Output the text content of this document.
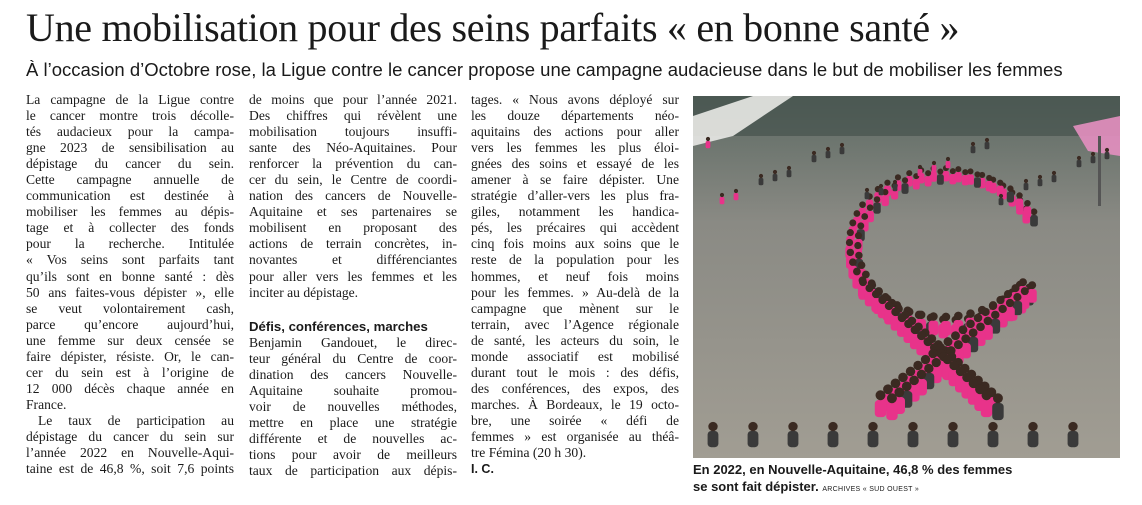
Une mobilisation pour des seins parfaits « en bonne santé »
À l’occasion d’Octobre rose, la Ligue contre le cancer propose une campagne audacieuse dans le but de mobiliser les femmes
La campagne de la Ligue contre
le cancer montre trois décolle-
tés audacieux pour la campa-
gne 2023 de sensibilisation au
dépistage du cancer du sein.
Cette campagne annuelle de
communication est destinée à
mobiliser les femmes au dépis-
tage et à collecter des fonds
pour la recherche. Intitulée
« Vos seins sont parfaits tant
qu’ils sont en bonne santé : dès
50 ans faites-vous dépister », elle
se veut volontairement cash,
parce qu’encore aujourd’hui,
une femme sur deux censée se
faire dépister, résiste. Or, le can-
cer du sein est à l’origine de
12 000 décès chaque année en
France.
Le taux de participation au
dépistage du cancer du sein sur
l’année 2022 en Nouvelle-Aqui-
taine est de 46,8 %, soit 7,6 points
de moins que pour l’année 2021.
Des chiffres qui révèlent une
mobilisation toujours insuffi-
sante des Néo-Aquitaines. Pour
renforcer la prévention du can-
cer du sein, le Centre de coordi-
nation des cancers de Nouvelle-
Aquitaine et ses partenaires se
mobilisent en proposant des
actions de terrain concrètes, in-
novantes et différenciantes
pour aller vers les femmes et les
inciter au dépistage.
Défis, conférences, marches
Benjamin Gandouet, le direc-
teur général du Centre de coor-
dination des cancers Nouvelle-
Aquitaine souhaite promou-
voir de nouvelles méthodes,
mettre en place une stratégie
différente et de nouvelles ac-
tions pour avoir de meilleurs
taux de participation aux dépis-
tages. « Nous avons déployé sur
les douze départements néo-
aquitains des actions pour aller
vers les femmes les plus éloi-
gnées des soins et essayé de les
amener à se faire dépister. Une
stratégie d’aller-vers les plus fra-
giles, notamment les handica-
pés, les précaires qui accèdent
cinq fois moins aux soins que le
reste de la population pour les
hommes, et neuf fois moins
pour les femmes. » Au-delà de la
campagne que mènent sur le
terrain, avec l’Agence régionale
de santé, les acteurs du soin, le
monde associatif est mobilisé
durant tout le mois : des défis,
des conférences, des expos, des
marches. À Bordeaux, le 19 octo-
bre, une soirée « défi de
femmes » est organisée au théâ-
tre Fémina (20 h 30).
I. C.	En 2022, en Nouvelle-Aquitaine, 46,8 % des femmes
se sont fait dépister. ARCHIVES « SUD OUEST »
